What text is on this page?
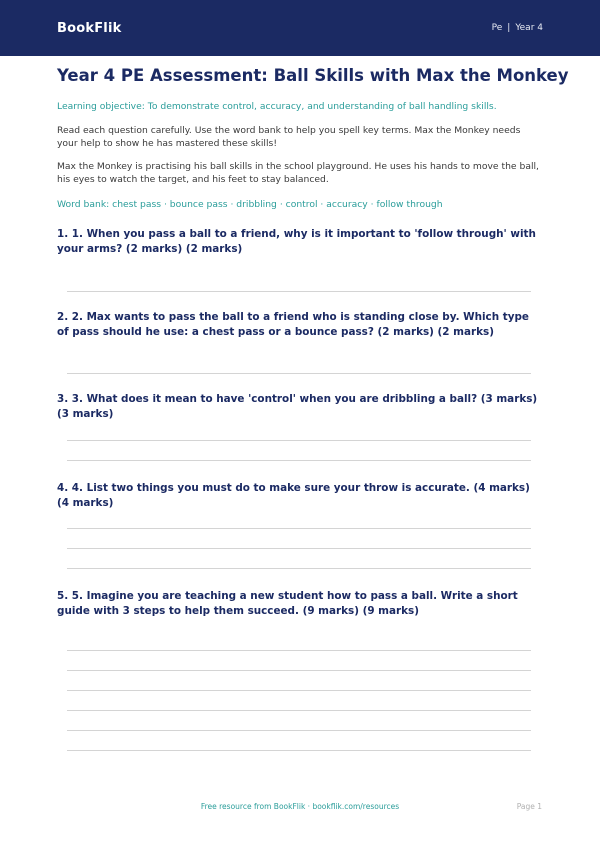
BookFlik	Pe | Year 4
Year 4 PE Assessment: Ball Skills with Max the Monkey
Learning objective: To demonstrate control, accuracy, and understanding of ball handling skills.
Read each question carefully. Use the word bank to help you spell key terms. Max the Monkey needs your help to show he has mastered these skills!
Max the Monkey is practising his ball skills in the school playground. He uses his hands to move the ball, his eyes to watch the target, and his feet to stay balanced.
Word bank: chest pass · bounce pass · dribbling · control · accuracy · follow through
1. 1. When you pass a ball to a friend, why is it important to 'follow through' with your arms? (2 marks) (2 marks)
2. 2. Max wants to pass the ball to a friend who is standing close by. Which type of pass should he use: a chest pass or a bounce pass? (2 marks) (2 marks)
3. 3. What does it mean to have 'control' when you are dribbling a ball? (3 marks) (3 marks)
4. 4. List two things you must do to make sure your throw is accurate. (4 marks) (4 marks)
5. 5. Imagine you are teaching a new student how to pass a ball. Write a short guide with 3 steps to help them succeed. (9 marks) (9 marks)
Free resource from BookFlik · bookflik.com/resources	Page 1
